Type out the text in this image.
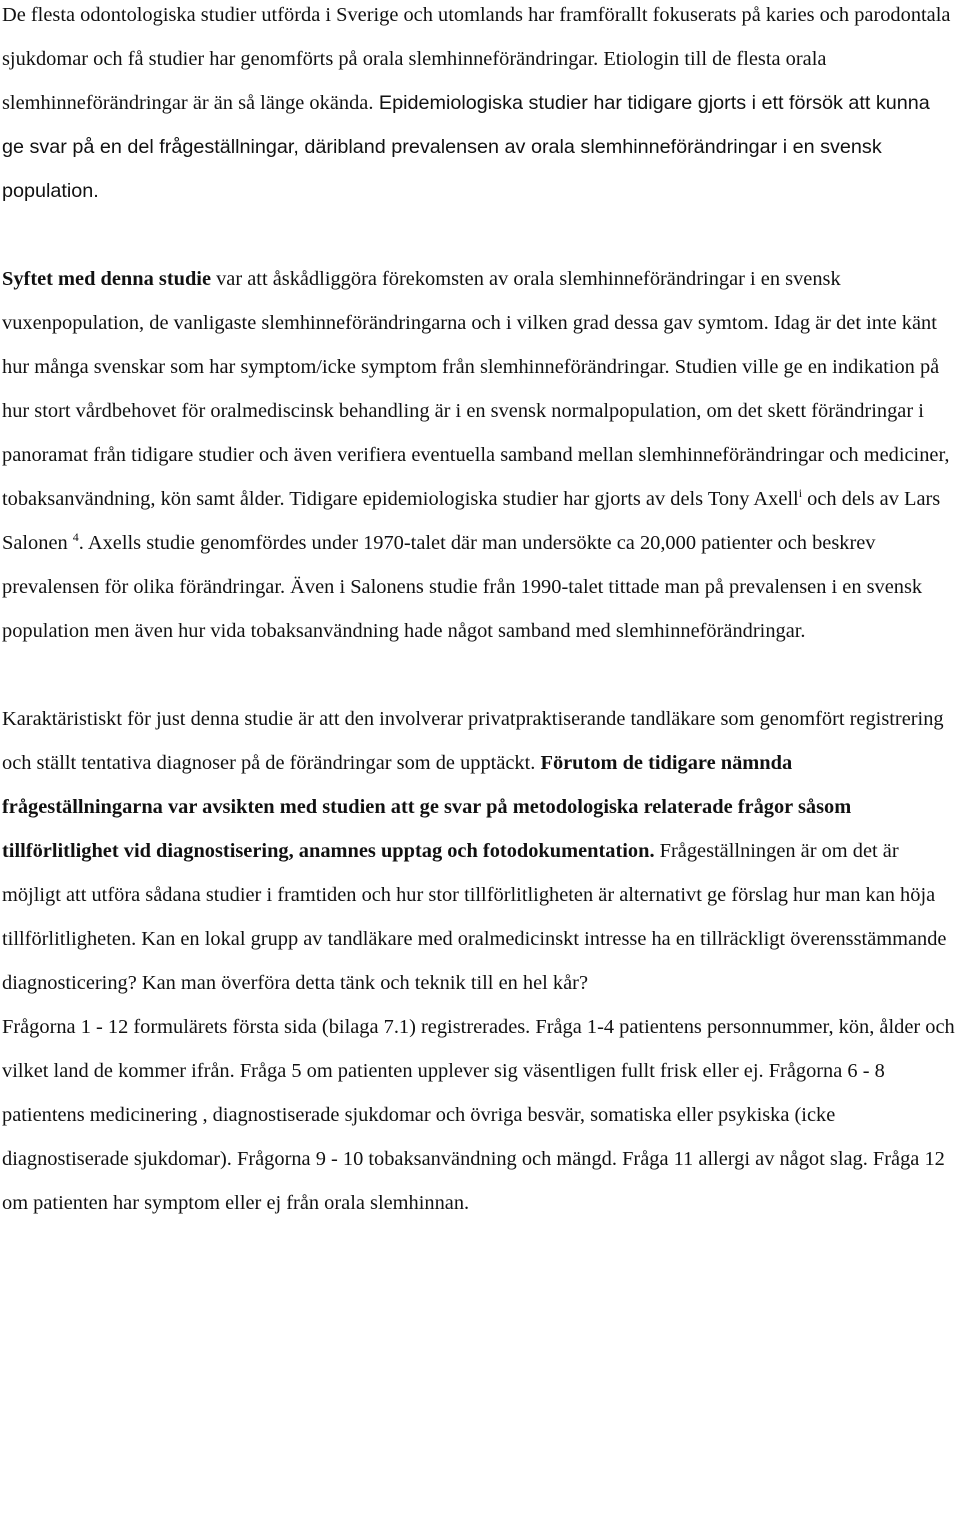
De flesta odontologiska studier utförda i Sverige och utomlands har framförallt fokuserats på karies och parodontala sjukdomar och få studier har genomförts på orala slemhinneförändringar. Etiologin till de flesta orala slemhinneförändringar är än så länge okända. Epidemiologiska studier har tidigare gjorts i ett försök att kunna ge svar på en del frågeställningar, däribland prevalensen av orala slemhinneförändringar i en svensk population.

Syftet med denna studie var att åskådliggöra förekomsten av orala slemhinneförändringar i en svensk vuxenpopulation, de vanligaste slemhinneförändringarna och i vilken grad dessa gav symtom. Idag är det inte känt hur många svenskar som har symptom/icke symptom från slemhinneförändringar. Studien ville ge en indikation på hur stort vårdbehovet för oralmediscinsk behandling är i en svensk normalpopulation, om det skett förändringar i panoramat från tidigare studier och även verifiera eventuella samband mellan slemhinneförändringar och mediciner, tobaksanvändning, kön samt ålder. Tidigare epidemiologiska studier har gjorts av dels Tony Axell$^i$ och dels av Lars Salonen $^4$. Axells studie genomfördes under 1970-talet där man undersökte ca 20,000 patienter och beskrev prevalensen för olika förändringar. Även i Salonens studie från 1990-talet tittade man på prevalensen i en svensk population men även hur vida tobaksanvändning hade något samband med slemhinneförändringar.

Karaktäristiskt för just denna studie är att den involverar privatpraktiserande tandläkare som genomfört registrering och ställt tentativa diagnoser på de förändringar som de upptäckt. Förutom de tidigare nämnda frågeställningarna var avsikten med studien att ge svar på metodologiska relaterade frågor såsom tillförlitlighet vid diagnostisering, anamnes upptag och fotodokumentation. Frågeställningen är om det är möjligt att utföra sådana studier i framtiden och hur stor tillförlitligheten är alternativt ge förslag hur man kan höja tillförlitligheten. Kan en lokal grupp av tandläkare med oralmedicinskt intresse ha en tillräckligt överensstämmande diagnosticering? Kan man överföra detta tänk och teknik till en hel kår?

Frågorna 1 - 12 formulärets första sida (bilaga 7.1) registrerades. Fråga 1-4 patientens personnummer, kön, ålder och vilket land de kommer ifrån. Fråga 5 om patienten upplever sig väsentligen fullt frisk eller ej. Frågorna 6 - 8 patientens medicinering , diagnostiserade sjukdomar och övriga besvär, somatiska eller psykiska (icke diagnostiserade sjukdomar). Frågorna 9 - 10 tobaksanvändning och mängd. Fråga 11 allergi av något slag. Fråga 12 om patienten har symptom eller ej från orala slemhinnan.
